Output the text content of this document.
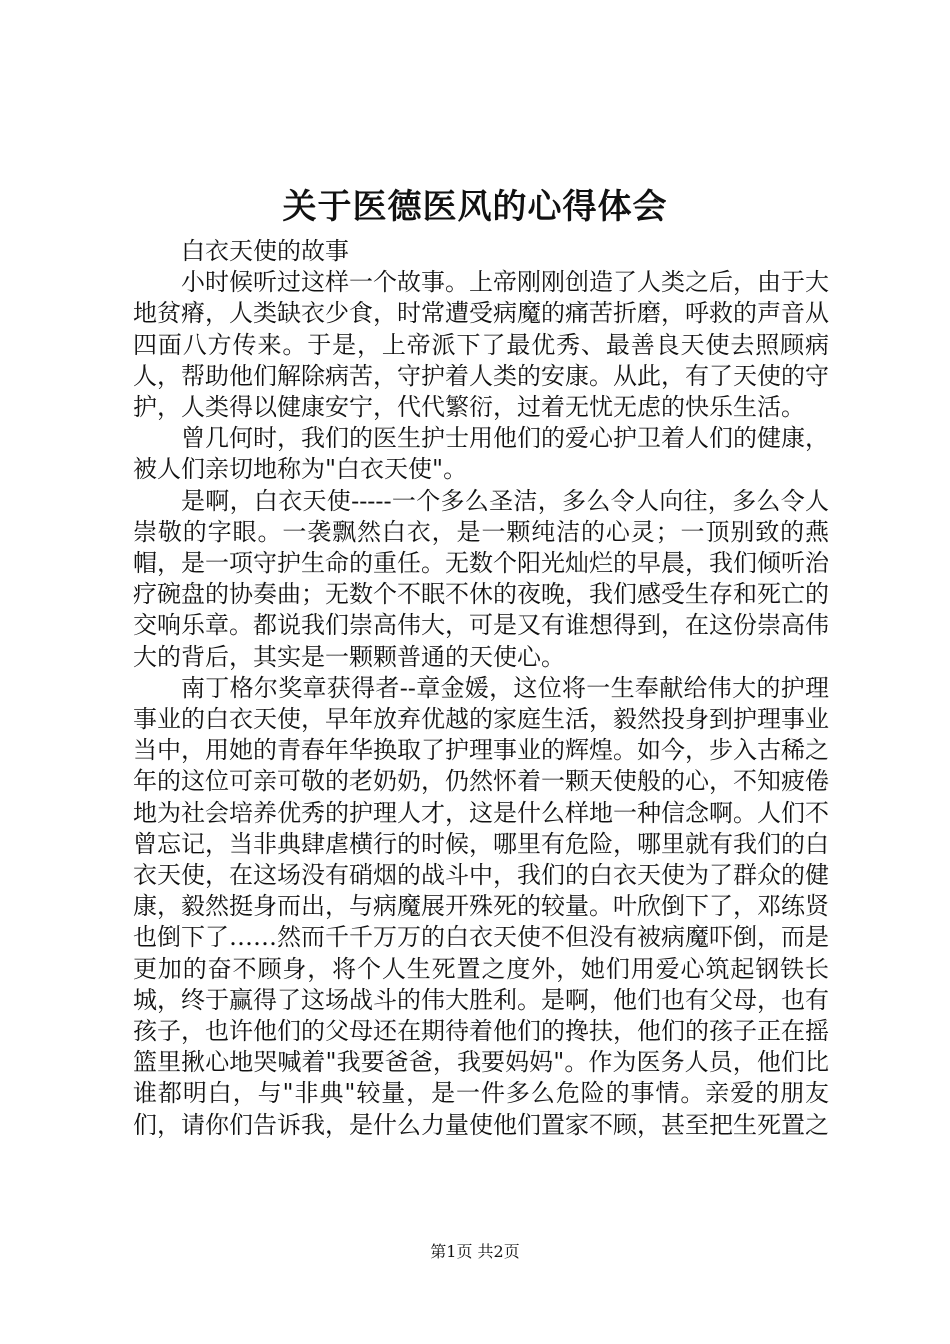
关于医德医风的心得体会

白衣天使的故事

小时候听过这样一个故事。上帝刚刚创造了人类之后，由于大地贫瘠，人类缺衣少食，时常遭受病魔的痛苦折磨，呼救的声音从四面八方传来。于是，上帝派下了最优秀、最善良天使去照顾病人，帮助他们解除病苦，守护着人类的安康。从此，有了天使的守护，人类得以健康安宁，代代繁衍，过着无忧无虑的快乐生活。

曾几何时，我们的医生护士用他们的爱心护卫着人们的健康，被人们亲切地称为"白衣天使"。

是啊，白衣天使-----一个多么圣洁，多么令人向往，多么令人崇敬的字眼。一袭飘然白衣，是一颗纯洁的心灵；一顶别致的燕帽，是一项守护生命的重任。无数个阳光灿烂的早晨，我们倾听治疗碗盘的协奏曲；无数个不眠不休的夜晚，我们感受生存和死亡的交响乐章。都说我们崇高伟大，可是又有谁想得到，在这份崇高伟大的背后，其实是一颗颗普通的天使心。

南丁格尔奖章获得者--章金媛，这位将一生奉献给伟大的护理事业的白衣天使，早年放弃优越的家庭生活，毅然投身到护理事业当中，用她的青春年华换取了护理事业的辉煌。如今，步入古稀之年的这位可亲可敬的老奶奶，仍然怀着一颗天使般的心，不知疲倦地为社会培养优秀的护理人才，这是什么样地一种信念啊。人们不曾忘记，当非典肆虐横行的时候，哪里有危险，哪里就有我们的白衣天使，在这场没有硝烟的战斗中，我们的白衣天使为了群众的健康，毅然挺身而出，与病魔展开殊死的较量。叶欣倒下了，邓练贤也倒下了……然而千千万万的白衣天使不但没有被病魔吓倒，而是更加的奋不顾身，将个人生死置之度外，她们用爱心筑起钢铁长城，终于赢得了这场战斗的伟大胜利。是啊，他们也有父母，也有孩子，也许他们的父母还在期待着他们的搀扶，他们的孩子正在摇篮里揪心地哭喊着"我要爸爸，我要妈妈"。作为医务人员，他们比谁都明白，与"非典"较量，是一件多么危险的事情。亲爱的朋友们，请你们告诉我，是什么力量使他们置家不顾，甚至把生死置之

第1页 共2页
